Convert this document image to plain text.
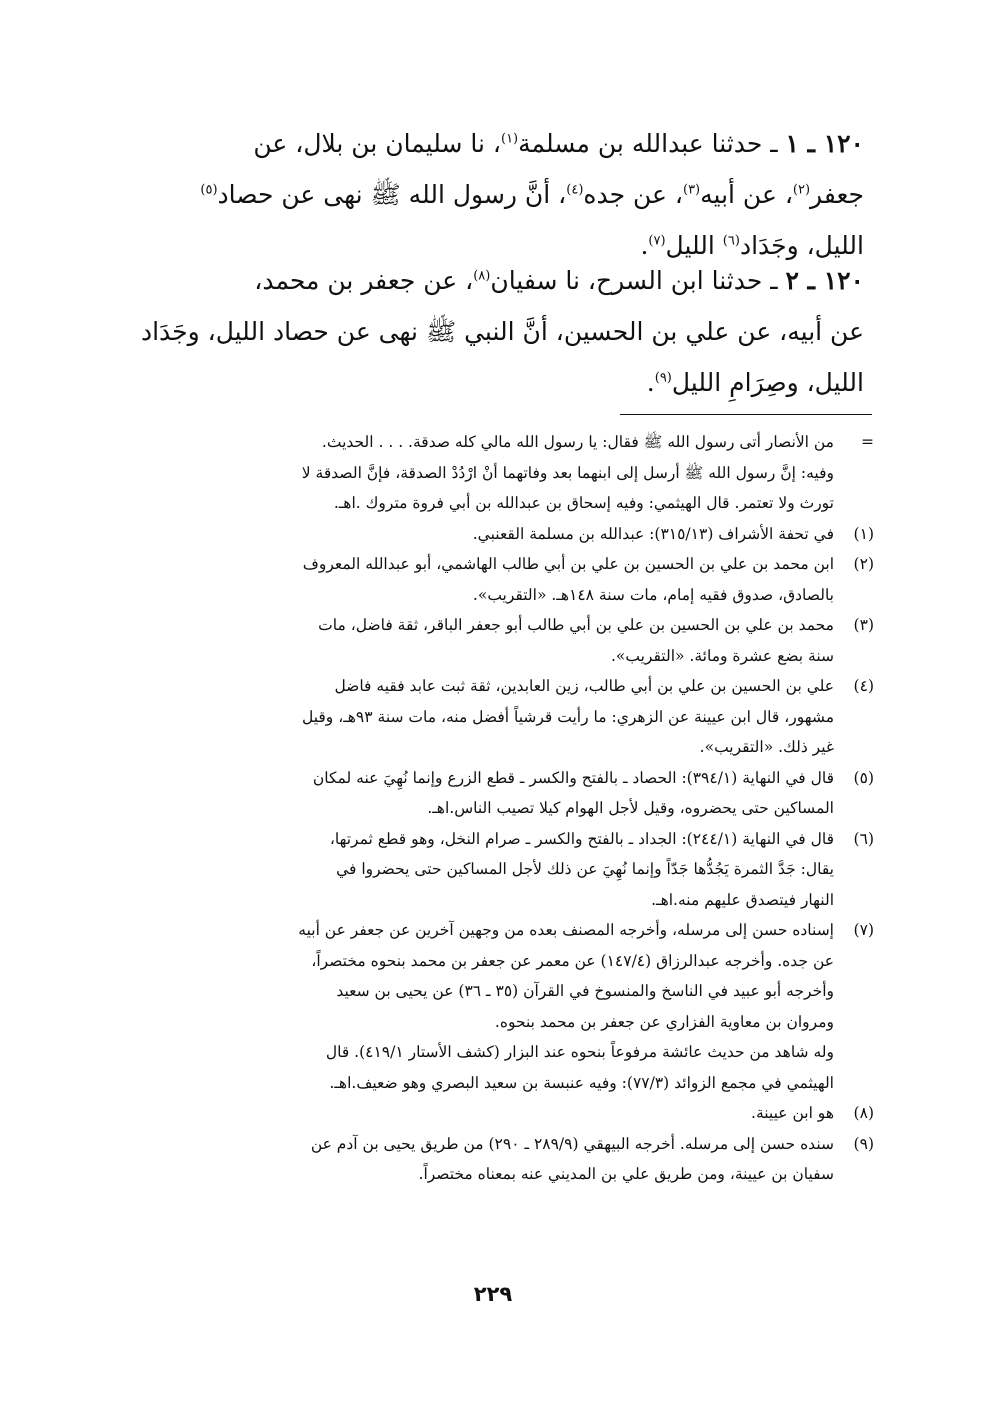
١٢٠ ـ ١ ـ حدثنا عبدالله بن مسلمة$^{(١)}$، نا سليمان بن بلال، عن

جعفر$^{(٢)}$، عن أبيه$^{(٣)}$، عن جده$^{(٤)}$، أنَّ رسول الله ﷺ نهى عن حصاد$^{(٥)}$

الليل، وجَدَاد$^{(٦)}$ الليل$^{(٧)}$.

١٢٠ ـ ٢ ـ حدثنا ابن السرح، نا سفيان$^{(٨)}$، عن جعفر بن محمد،

عن أبيه، عن علي بن الحسين، أنَّ النبي ﷺ نهى عن حصاد الليل، وجَدَاد

الليل، وصِرَامِ الليل$^{(٩)}$.

=
من الأنصار أتى رسول الله ﷺ فقال: يا رسول الله مالي كله صدقة. . . . الحديث.
وفيه: إنَّ رسول الله ﷺ أرسل إلى ابنهما بعد وفاتهما أنْ ارْدُدْ الصدقة، فإنَّ الصدقة لا
تورث ولا تعتمر. قال الهيثمي: وفيه إسحاق بن عبدالله بن أبي فروة متروك .اهـ.
(١)
في تحفة الأشراف (٣١٥/١٣): عبدالله بن مسلمة القعنبي.
(٢)
ابن محمد بن علي بن الحسين بن علي بن أبي طالب الهاشمي، أبو عبدالله المعروف
بالصادق، صدوق فقيه إمام، مات سنة ١٤٨هـ. «التقريب».
(٣)
محمد بن علي بن الحسين بن علي بن أبي طالب أبو جعفر الباقر، ثقة فاضل، مات
سنة بضع عشرة ومائة. «التقريب».
(٤)
علي بن الحسين بن علي بن أبي طالب، زين العابدين، ثقة ثبت عابد فقيه فاضل
مشهور، قال ابن عيينة عن الزهري: ما رأيت قرشياً أفضل منه، مات سنة ٩٣هـ، وقيل
غير ذلك. «التقريب».
(٥)
قال في النهاية (٣٩٤/١): الحصاد ـ بالفتح والكسر ـ قطع الزرع وإنما نُهِيَ عنه لمكان
المساكين حتى يحضروه، وقيل لأجل الهوام كيلا تصيب الناس.اهـ.
(٦)
قال في النهاية (٢٤٤/١): الجداد ـ بالفتح والكسر ـ صرام النخل، وهو قطع ثمرتها،
يقال: جَدَّ الثمرة يَجُدُّها جَدّاً وإنما نُهِيَ عن ذلك لأجل المساكين حتى يحضروا في
النهار فيتصدق عليهم منه.اهـ.
(٧)
إسناده حسن إلى مرسله، وأخرجه المصنف بعده من وجهين آخرين عن جعفر عن أبيه
عن جده. وأخرجه عبدالرزاق (١٤٧/٤) عن معمر عن جعفر بن محمد بنحوه مختصراً،
وأخرجه أبو عبيد في الناسخ والمنسوخ في القرآن (٣٥ ـ ٣٦) عن يحيى بن سعيد
ومروان بن معاوية الفزاري عن جعفر بن محمد بنحوه.
وله شاهد من حديث عائشة مرفوعاً بنحوه عند البزار (كشف الأستار ٤١٩/١). قال
الهيثمي في مجمع الزوائد (٧٧/٣): وفيه عنبسة بن سعيد البصري وهو ضعيف.اهـ.
(٨)
هو ابن عيينة.
(٩)
سنده حسن إلى مرسله. أخرجه البيهقي (٢٨٩/٩ ـ ٢٩٠) من طريق يحيى بن آدم عن
سفيان بن عيينة، ومن طريق علي بن المديني عنه بمعناه مختصراً.
٢٢٩
